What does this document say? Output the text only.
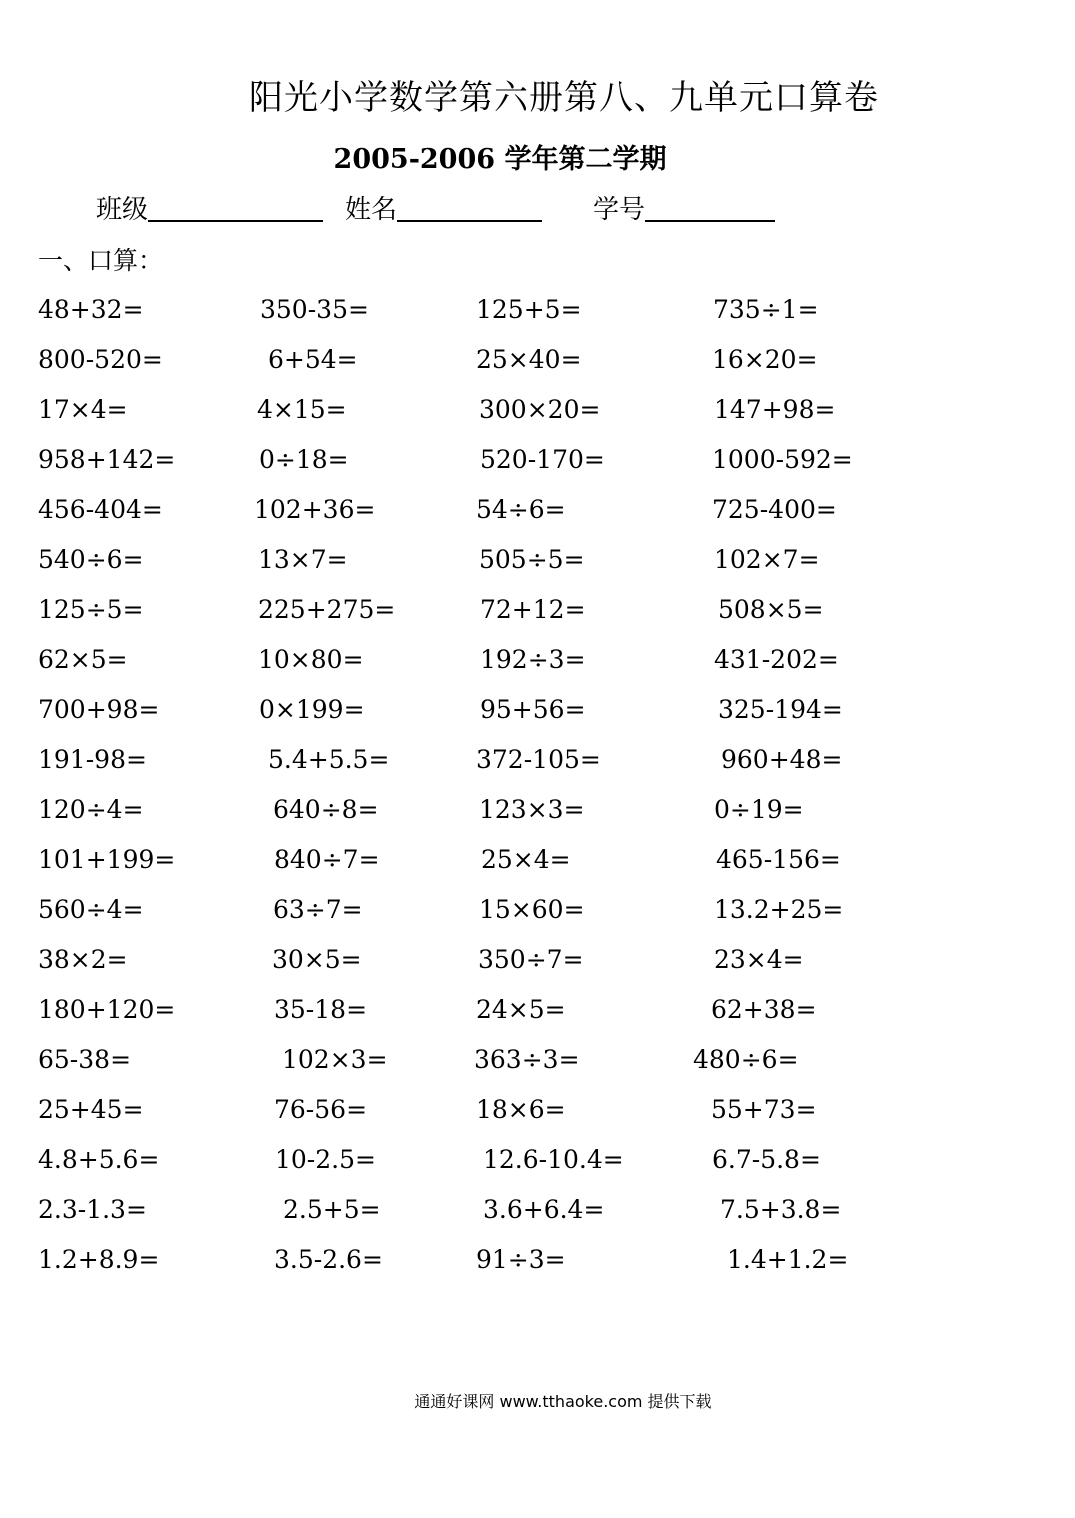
阳光小学数学第六册第八、九单元口算卷
2005-2006 学年第二学期
班级	姓名	学号
一、口算：
48+32=	350-35=	125+5=	735÷1=
800-520=	6+54=	25×40=	16×20=
17×4=	4×15=	300×20=	147+98=
958+142=	0÷18=	520-170=	1000-592=
456-404=	102+36=	54÷6=	725-400=
540÷6=	13×7=	505÷5=	102×7=
125÷5=	225+275=	72+12=	508×5=
62×5=	10×80=	192÷3=	431-202=
700+98=	0×199=	95+56=	325-194=
191-98=	5.4+5.5=	372-105=	960+48=
120÷4=	640÷8=	123×3=	0÷19=
101+199=	840÷7=	25×4=	465-156=
560÷4=	63÷7=	15×60=	13.2+25=
38×2=	30×5=	350÷7=	23×4=
180+120=	35-18=	24×5=	62+38=
65-38=	102×3=	363÷3=	480÷6=
25+45=	76-56=	18×6=	55+73=
4.8+5.6=	10-2.5=	12.6-10.4=	6.7-5.8=
2.3-1.3=	2.5+5=	3.6+6.4=	7.5+3.8=
1.2+8.9=	3.5-2.6=	91÷3=	1.4+1.2=
通通好课网 www.tthaoke.com 提供下载
